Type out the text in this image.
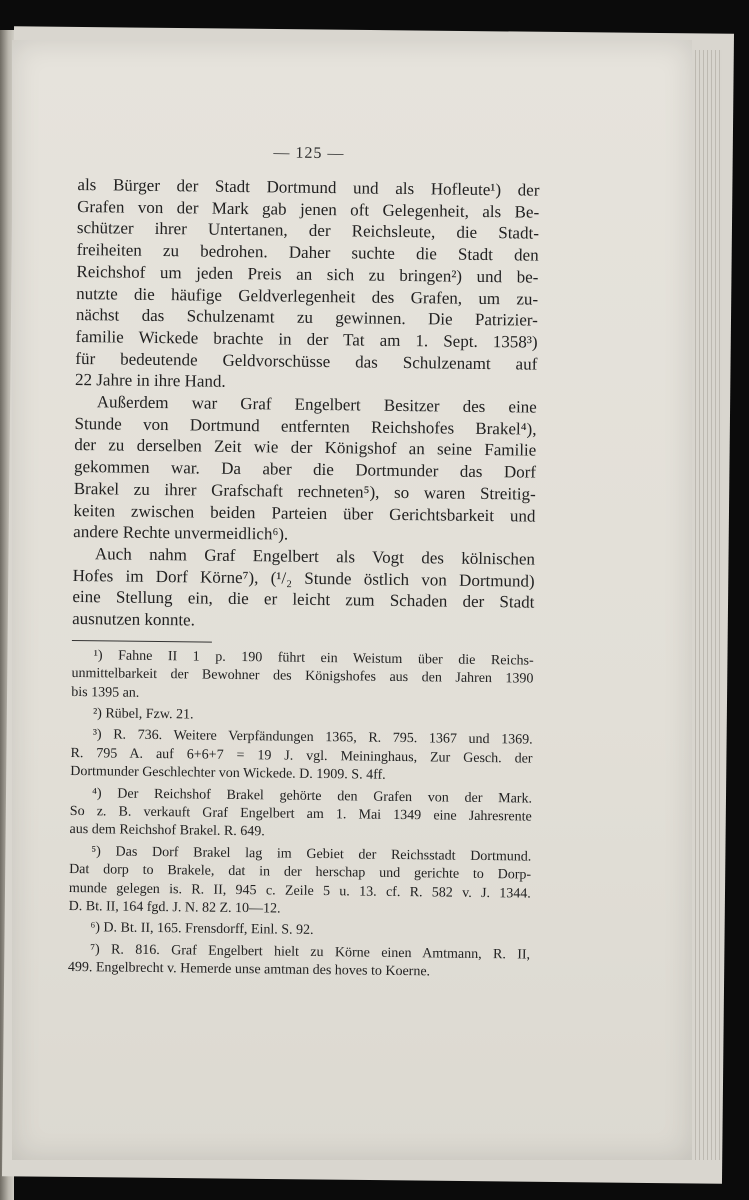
— 125 —
als Bürger der Stadt Dortmund und als Hofleute¹) der
Grafen von der Mark gab jenen oft Gelegenheit, als Be-
schützer ihrer Untertanen, der Reichsleute, die Stadt-
freiheiten zu bedrohen. Daher suchte die Stadt den
Reichshof um jeden Preis an sich zu bringen²) und be-
nutzte die häufige Geldverlegenheit des Grafen, um zu-
nächst das Schulzenamt zu gewinnen. Die Patrizier-
familie Wickede brachte in der Tat am 1. Sept. 1358³)
für bedeutende Geldvorschüsse das Schulzenamt auf
22 Jahre in ihre Hand.
Außerdem war Graf Engelbert Besitzer des eine
Stunde von Dortmund entfernten Reichshofes Brakel⁴),
der zu derselben Zeit wie der Königshof an seine Familie
gekommen war. Da aber die Dortmunder das Dorf
Brakel zu ihrer Grafschaft rechneten⁵), so waren Streitig-
keiten zwischen beiden Parteien über Gerichtsbarkeit und
andere Rechte unvermeidlich⁶).
Auch nahm Graf Engelbert als Vogt des kölnischen
Hofes im Dorf Körne⁷), (¹/₂ Stunde östlich von Dortmund)
eine Stellung ein, die er leicht zum Schaden der Stadt
ausnutzen konnte.
¹) Fahne II 1 p. 190 führt ein Weistum über die Reichs-
unmittelbarkeit der Bewohner des Königshofes aus den Jahren 1390
bis 1395 an.
²) Rübel, Fzw. 21.
³) R. 736. Weitere Verpfändungen 1365, R. 795. 1367 und 1369.
R. 795 A. auf 6+6+7 = 19 J. vgl. Meininghaus, Zur Gesch. der
Dortmunder Geschlechter von Wickede. D. 1909. S. 4ff.
⁴) Der Reichshof Brakel gehörte den Grafen von der Mark.
So z. B. verkauft Graf Engelbert am 1. Mai 1349 eine Jahresrente
aus dem Reichshof Brakel. R. 649.
⁵) Das Dorf Brakel lag im Gebiet der Reichsstadt Dortmund.
Dat dorp to Brakele, dat in der herschap und gerichte to Dorp-
munde gelegen is. R. II, 945 c. Zeile 5 u. 13. cf. R. 582 v. J. 1344.
D. Bt. II, 164 fgd. J. N. 82 Z. 10—12.
⁶) D. Bt. II, 165. Frensdorff, Einl. S. 92.
⁷) R. 816. Graf Engelbert hielt zu Körne einen Amtmann, R. II,
499. Engelbrecht v. Hemerde unse amtman des hoves to Koerne.
